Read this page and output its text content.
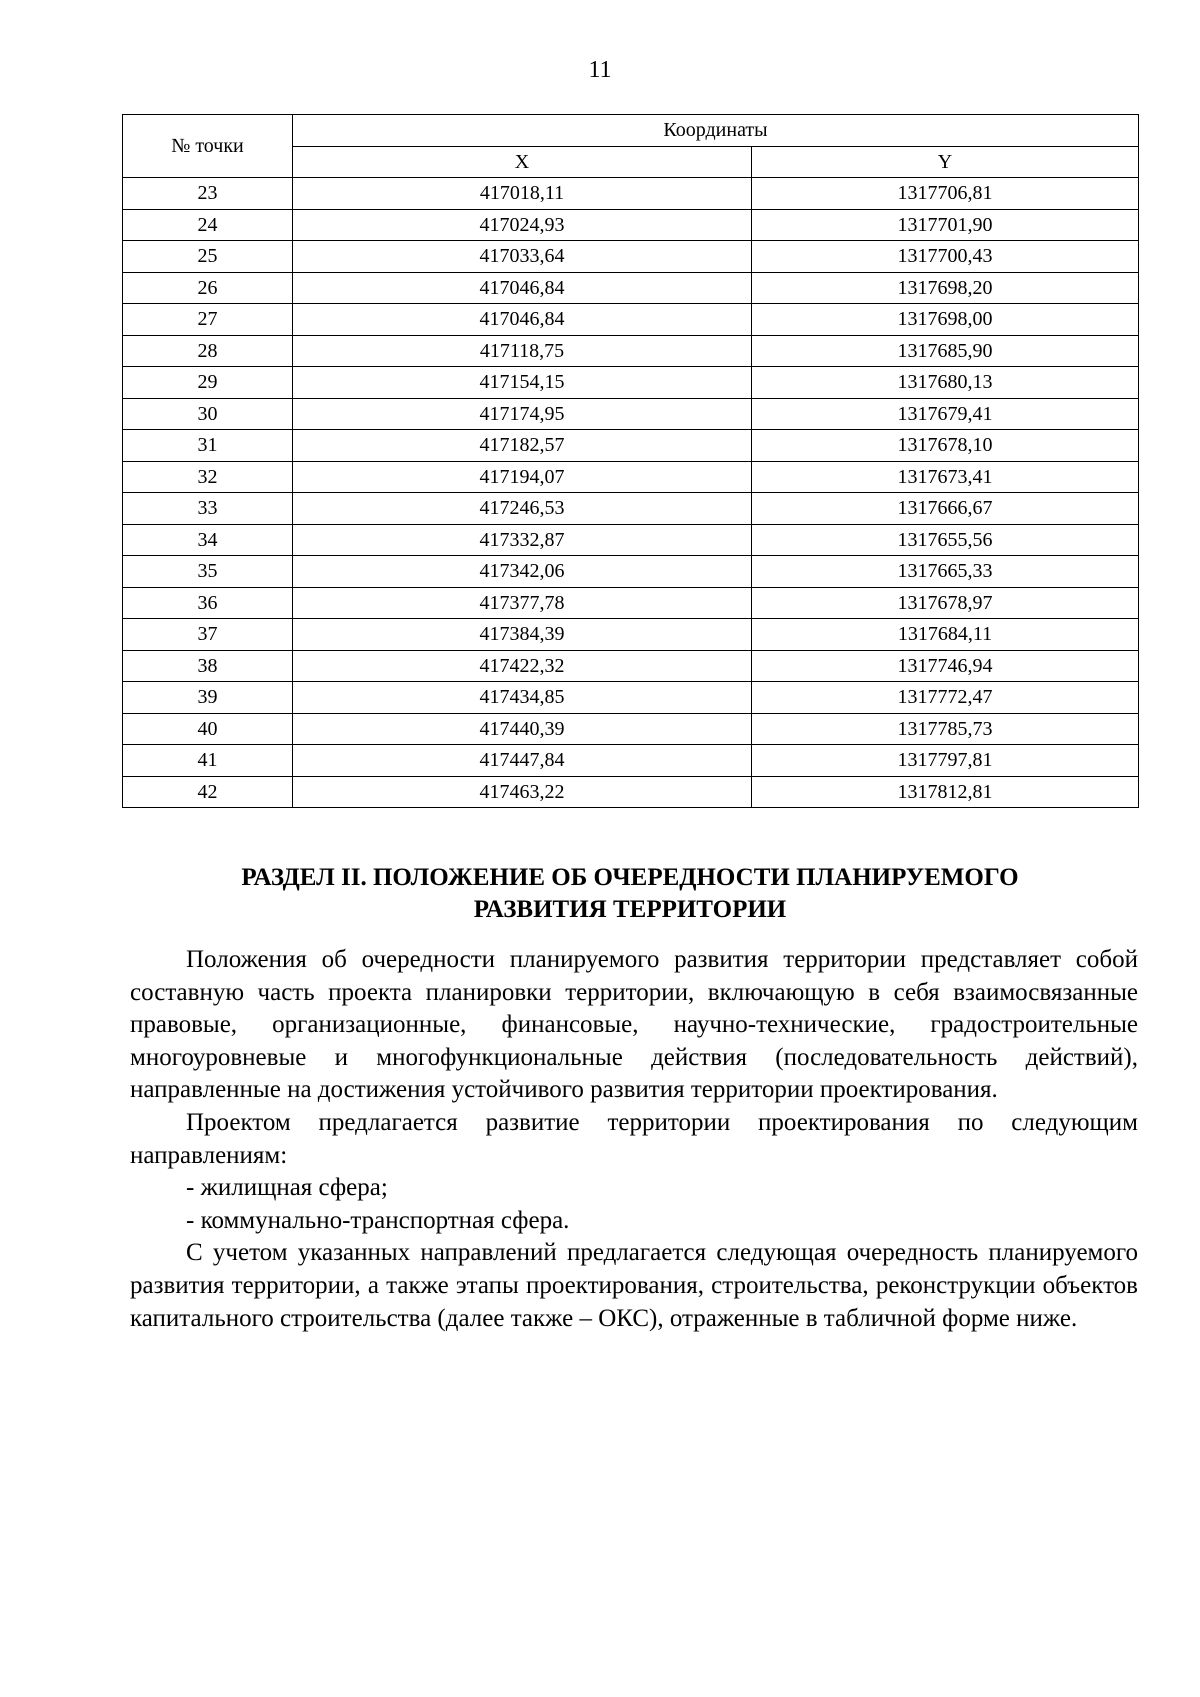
11
№ точки	Координаты	
	X	Y
23	417018,11	1317706,81
24	417024,93	1317701,90
25	417033,64	1317700,43
26	417046,84	1317698,20
27	417046,84	1317698,00
28	417118,75	1317685,90
29	417154,15	1317680,13
30	417174,95	1317679,41
31	417182,57	1317678,10
32	417194,07	1317673,41
33	417246,53	1317666,67
34	417332,87	1317655,56
35	417342,06	1317665,33
36	417377,78	1317678,97
37	417384,39	1317684,11
38	417422,32	1317746,94
39	417434,85	1317772,47
40	417440,39	1317785,73
41	417447,84	1317797,81
42	417463,22	1317812,81
РАЗДЕЛ II. ПОЛОЖЕНИЕ ОБ ОЧЕРЕДНОСТИ ПЛАНИРУЕМОГО
РАЗВИТИЯ ТЕРРИТОРИИ

Положения об очередности планируемого развития территории представляет собой составную часть проекта планировки территории, включающую в себя взаимосвязанные правовые, организационные, финансовые, научно-технические, градостроительные многоуровневые и многофункциональные действия (последовательность действий), направленные на достижения устойчивого развития территории проектирования.

Проектом предлагается развитие территории проектирования по следующим направлениям:

- жилищная сфера;

- коммунально-транспортная сфера.

С учетом указанных направлений предлагается следующая очередность планируемого развития территории, а также этапы проектирования, строительства, реконструкции объектов капитального строительства (далее также – ОКС), отраженные в табличной форме ниже.
